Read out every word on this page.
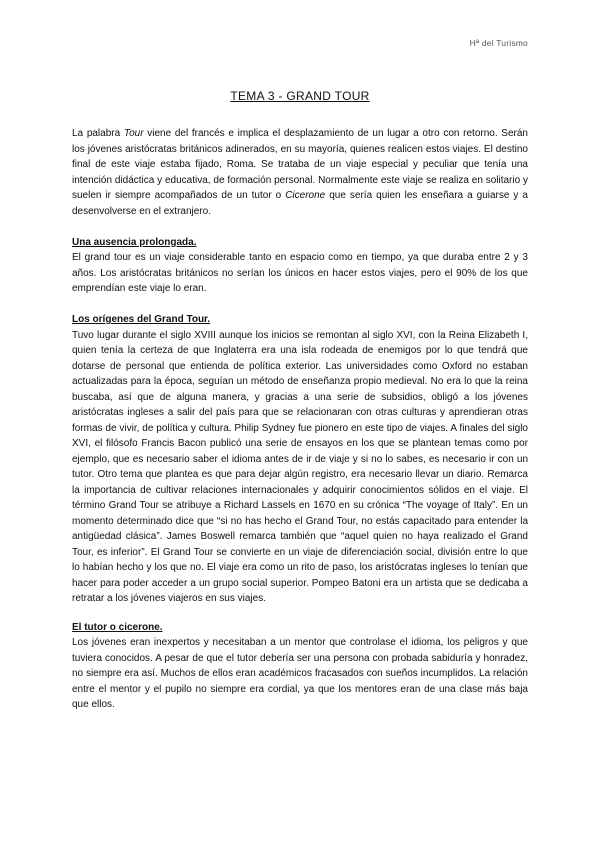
Hª del Turismo
TEMA 3 - GRAND TOUR

La palabra Tour viene del francés e implica el desplazamiento de un lugar a otro con retorno. Serán los jóvenes aristócratas británicos adinerados, en su mayoría, quienes realicen estos viajes. El destino final de este viaje estaba fijado, Roma. Se trataba de un viaje especial y peculiar que tenía una intención didáctica y educativa, de formación personal. Normalmente este viaje se realiza en solitario y suelen ir siempre acompañados de un tutor o Cicerone que sería quien les enseñara a guiarse y a desenvolverse en el extranjero.

Una ausencia prolongada.

El grand tour es un viaje considerable tanto en espacio como en tiempo, ya que duraba entre 2 y 3 años. Los aristócratas británicos no serían los únicos en hacer estos viajes, pero el 90% de los que emprendían este viaje lo eran.

Los orígenes del Grand Tour.

Tuvo lugar durante el siglo XVIII aunque los inicios se remontan al siglo XVI, con la Reina Elizabeth I, quien tenía la certeza de que Inglaterra era una isla rodeada de enemigos por lo que tendrá que dotarse de personal que entienda de política exterior. Las universidades como Oxford no estaban actualizadas para la época, seguían un método de enseñanza propio medieval. No era lo que la reina buscaba, así que de alguna manera, y gracias a una serie de subsidios, obligó a los jóvenes aristócratas ingleses a salir del país para que se relacionaran con otras culturas y aprendieran otras formas de vivir, de política y cultura. Philip Sydney fue pionero en este tipo de viajes. A finales del siglo XVI, el filósofo Francis Bacon publicó una serie de ensayos en los que se plantean temas como por ejemplo, que es necesario saber el idioma antes de ir de viaje y si no lo sabes, es necesario ir con un tutor. Otro tema que plantea es que para dejar algún registro, era necesario llevar un diario. Remarca la importancia de cultivar relaciones internacionales y adquirir conocimientos sólidos en el viaje. El término Grand Tour se atribuye a Richard Lassels en 1670 en su crónica “The voyage of Italy”. En un momento determinado dice que “si no has hecho el Grand Tour, no estás capacitado para entender la antigüedad clásica”. James Boswell remarca también que “aquel quien no haya realizado el Grand Tour, es inferior”. El Grand Tour se convierte en un viaje de diferenciación social, división entre lo que lo habían hecho y los que no. El viaje era como un rito de paso, los aristócratas ingleses lo tenían que hacer para poder acceder a un grupo social superior. Pompeo Batoni era un artista que se dedicaba a retratar a los jóvenes viajeros en sus viajes.

El tutor o cicerone.

Los jóvenes eran inexpertos y necesitaban a un mentor que controlase el idioma, los peligros y que tuviera conocidos. A pesar de que el tutor debería ser una persona con probada sabiduría y honradez, no siempre era así. Muchos de ellos eran académicos fracasados con sueños incumplidos. La relación entre el mentor y el pupilo no siempre era cordial, ya que los mentores eran de una clase más baja que ellos.
